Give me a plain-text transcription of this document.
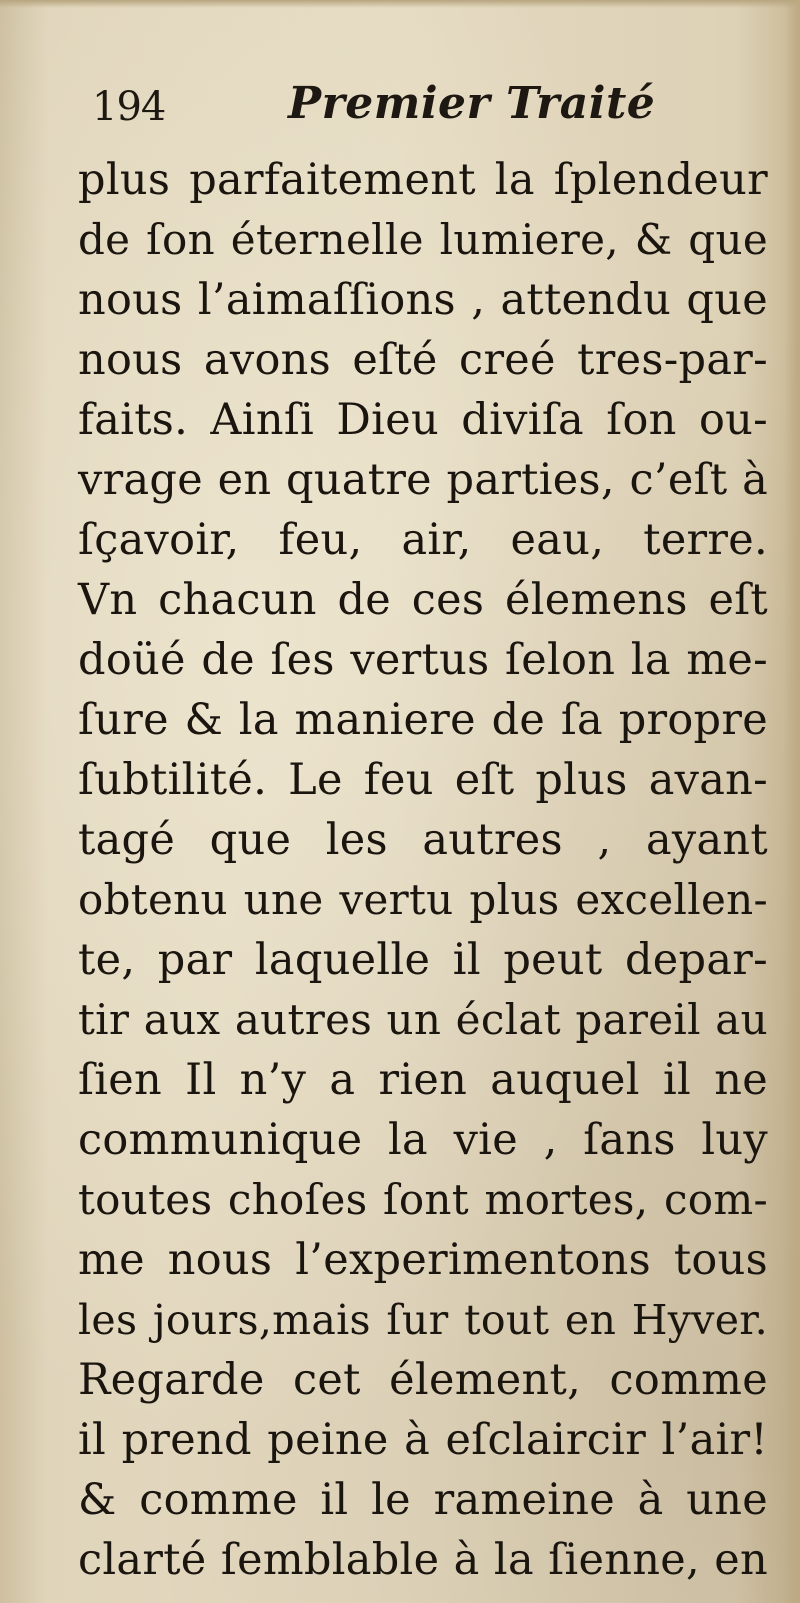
194	Premier Traité
plus parfaitement la ſplendeur
de ſon éternelle lumiere, & que
nous l’aimaſſions , attendu que
nous avons eſté creé tres-par-
faits. Ainſi Dieu diviſa ſon ou-
vrage en quatre parties, c’eſt à
ſçavoir, feu, air, eau, terre.
Vn chacun de ces élemens eſt
doüé de ſes vertus ſelon la me-
ſure & la maniere de ſa propre
ſubtilité. Le feu eſt plus avan-
tagé que les autres , ayant
obtenu une vertu plus excellen-
te, par laquelle il peut depar-
tir aux autres un éclat pareil au
ſien Il n’y a rien auquel il ne
communique la vie , ſans luy
toutes choſes ſont mortes, com-
me nous l’experimentons tous
les jours,mais ſur tout en Hyver.
Regarde cet élement, comme
il prend peine à eſclaircir l’air!
& comme il le rameine à une
clarté ſemblable à la ſienne, en
